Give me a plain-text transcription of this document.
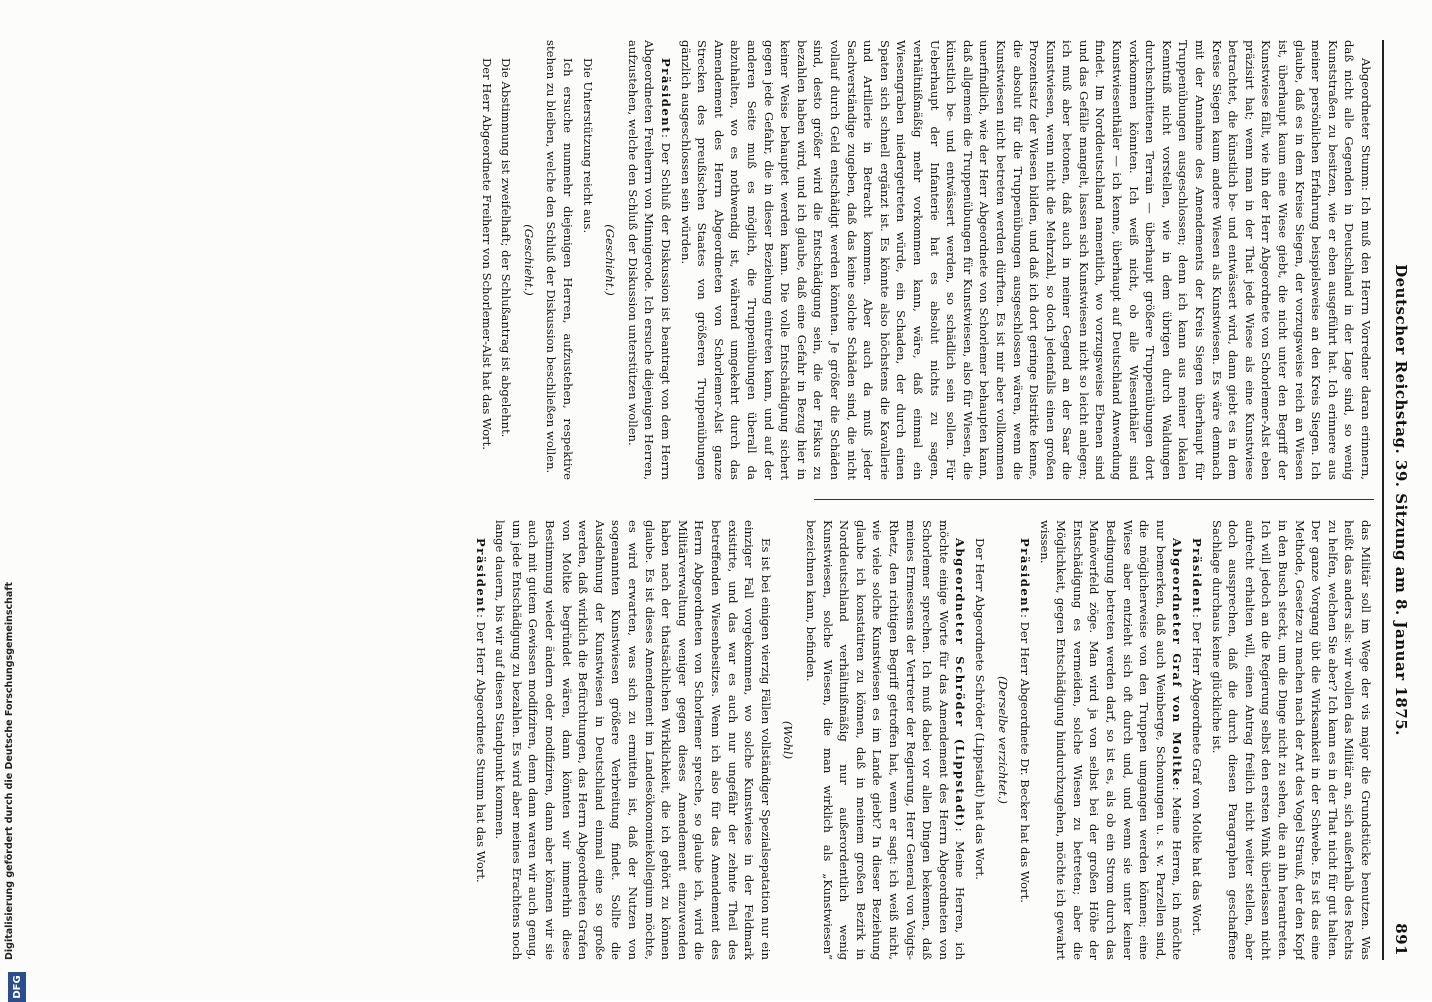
Deutscher Reichstag. 39. Sitzung am 8. Januar 1875.
891

Abgeordneter Stumm: Ich muß den Herrn Vorredner daran erinnern, daß nicht alle Gegenden in Deutschland in der Lage sind, so wenig Kunststraßen zu besitzen, wie er eben ausgeführt hat. Ich erinnere aus meiner persönlichen Erfahrung beispielsweise an den Kreis Siegen. Ich glaube, daß es in dem Kreise Siegen, der vorzugsweise reich an Wiesen ist, überhaupt kaum eine Wiese giebt, die nicht unter den Begriff der Kunstwiese fällt, wie ihn der Herr Abgeordnete von Schorlemer-Alst eben präzisirt hat; wenn man in der That jede Wiese als eine Kunstwiese betrachtet, die künstlich be- und entwässert wird, dann giebt es in dem Kreise Siegen kaum andere Wiesen als Kunstwiesen. Es wäre demnach mit der Annahme des Amendements der Kreis Siegen überhaupt für Truppenübungen ausgeschlossen; denn ich kann aus meiner lokalen Kenntniß nicht vorstellen, wie in dem übrigen durch Waldungen durchschnittenen Terrain — überhaupt größere Truppenübungen dort vorkommen könnten. Ich weiß nicht, ob alle Wiesenthäler sind Kunstwiesenthäler — ich kenne, überhaupt auf Deutschland Anwendung findet. Im Norddeutschland namentlich, wo vorzugsweise Ebenen sind und das Gefälle mangelt, lassen sich Kunstwiesen nicht so leicht anlegen; ich muß aber betonen, daß auch in meiner Gegend an der Saar die Kunstwiesen, wenn nicht die Mehrzahl, so doch jedenfalls einen großen Prozentsatz der Wiesen bilden, und daß ich dort geringe Distrikte kenne, die absolut für die Truppenübungen ausgeschlossen wären, wenn die Kunstwiesen nicht betreten werden dürften. Es ist mir aber vollkommen unerfindlich, wie der Herr Abgeordnete von Schorlemer behaupten kann, daß allgemein die Truppenübungen für Kunstwiesen, also für Wiesen, die künstlich be- und entwässert werden, so schädlich sein sollen. Für Ueberhaupt der Infanterie hat es absolut nichts zu sagen, verhältnißmäßig mehr vorkommen kann, wäre, daß einmal ein Wiesengraben niedergetreten würde, ein Schaden, der durch einen Spaten sich schnell ergänzt ist. Es könnte also höchstens die Kavallerie und Artillerie in Betracht kommen. Aber auch da muß jeder Sachverständige zugeben, daß das keine solche Schäden sind, die nicht vollauf durch Geld entschädigt werden könnten. Je größer die Schäden sind, desto größer wird die Entschädigung sein, die der Fiskus zu bezahlen haben wird, und ich glaube, daß eine Gefahr in Bezug hier in keiner Weise behauptet werden kann. Die volle Entschädigung sichert gegen jede Gefahr, die in dieser Beziehung eintreten kann, und auf der anderen Seite muß es möglich, die Truppenübungen überall da abzuhalten, wo es nothwendig ist, während umgekehrt durch das Amendement des Herrn Abgeordneten von Schorlemer-Alst ganze Strecken des preußischen Staates von größeren Truppenübungen gänzlich ausgeschlossen sein würden.

Präsident: Der Schluß der Diskussion ist beantragt von dem Herrn Abgeordneten Freiherrn von Minnigerode. Ich ersuche diejenigen Herren, aufzustehen, welche den Schluß der Diskussion unterstützen wollen.

(Geschieht.)

Die Unterstützung reicht aus.

Ich ersuche nunmehr diejenigen Herren, aufzustehen, respektive stehen zu bleiben, welche den Schluß der Diskussion beschließen wollen.

(Geschieht.)

Die Abstimmung ist zweifelhaft; der Schlußantrag ist abgelehnt.

Der Herr Abgeordnete Freiherr von Schorlemer-Alst hat das Wort.

das Militär soll im Wege der vis major die Grundstücke benutzen. Was heißt das anders als: wir wollen das Militär an, sich außerhalb des Rechts zu helfen, welchen Sie aber? Ich kann es in der That nicht für gut halten. Der ganze Vorgang übt die Wirksamkeit in der Schwebe. Es ist das eine Methode, Gesetze zu machen nach der Art des Vogel Strauß, der den Kopf in den Busch steckt, um die Dinge nicht zu sehen, die an ihn herantreten. Ich will jedoch an die Regierung selbst den ersten Wink überlassen nicht aufrecht erhalten will, einen Antrag freilich nicht weiter stellen, aber doch aussprechen, daß die durch diesen Paragraphen geschaffene Sachlage durchaus keine glückliche ist.

Präsident: Der Herr Abgeordnete Graf von Moltke hat das Wort.

Abgeordneter Graf von Moltke: Meine Herren, ich möchte nur bemerken, daß auch Weinberge, Schonungen u. s. w. Parzellen sind, die möglicherweise von den Truppen umgangen werden können; eine Wiese aber entzieht sich oft durch und, und wenn sie unter keiner Bedingung betreten werden darf, so ist es, als ob ein Strom durch das Manöverfeld zöge. Man wird ja von selbst bei der großen Höhe der Entschädigung es vermeiden, solche Wiesen zu betreten; aber die Möglichkeit, gegen Entschädigung hindurchzugehen, möchte ich gewahrt wissen.

Präsident: Der Herr Abgeordnete Dr. Becker hat das Wort.

(Derselbe verzichtet.)

Der Herr Abgeordnete Schröder (Lippstadt) hat das Wort.

Abgeordneter Schröder (Lippstadt): Meine Herren, ich möchte einige Worte für das Amendement des Herrn Abgeordneten von Schorlemer sprechen. Ich muß dabei vor allen Dingen bekennen, daß meines Ermessens der Vertreter der Regierung, Herr General von Voigts-Rhetz, den richtigen Begriff getroffen hat, wenn er sagt: ich weiß nicht, wie viele solche Kunstwiesen es im Lande giebt? In dieser Beziehung glaube ich konstatiren zu können, daß in meinem großen Bezirk in Norddeutschland verhältnißmäßig nur außerordentlich wenig Kunstwiesen, solche Wiesen, die man wirklich als „Kunstwiesen“ bezeichnen kann, befinden.

(Wohl)

Es ist bei einigen vierzig Fällen vollständiger Spezialsepatation nur ein einziger Fall vorgekommen, wo solche Kunstwiese in der Feldmark existirte, und das war es auch nur ungefähr der zehnte Theil des betreffenden Wiesenbesitzes. Wenn ich also für das Amendement des Herrn Abgeordneten von Schorlemer spreche, so glaube ich, wird die Militärverwaltung weniger gegen dieses Amendement einzuwenden haben nach der thatsächlichen Wirklichkeit, die ich gehört zu können glaube. Es ist dieses Amendement im Landesökonomiekollegium möchte, es wird erwarten, was sich zu ermitteln ist, daß der Nutzen von sogenannten Kunstwiesen größere Verbreitung findet. Sollte die Ausdehnung der Kunstwiesen in Deutschland einmal eine so große werden, daß wirklich die Befürchtungen, das Herrn Abgeordneten Grafen von Moltke begründet wären, dann könnten wir immerhin diese Bestimmung wieder ändern oder modifiziren, dann aber können wir sie auch mit gutem Gewissen modifiziren, denn dann waren wir auch genug, um jede Entschädigung zu bezahlen. Es wird aber meines Erachtens noch lange dauern, bis wir auf diesen Standpunkt kommen.

Präsident: Der Herr Abgeordnete Stumm hat das Wort.

Digitalisierung gefördert durch die Deutsche Forschungsgemeinschaft
DFG
